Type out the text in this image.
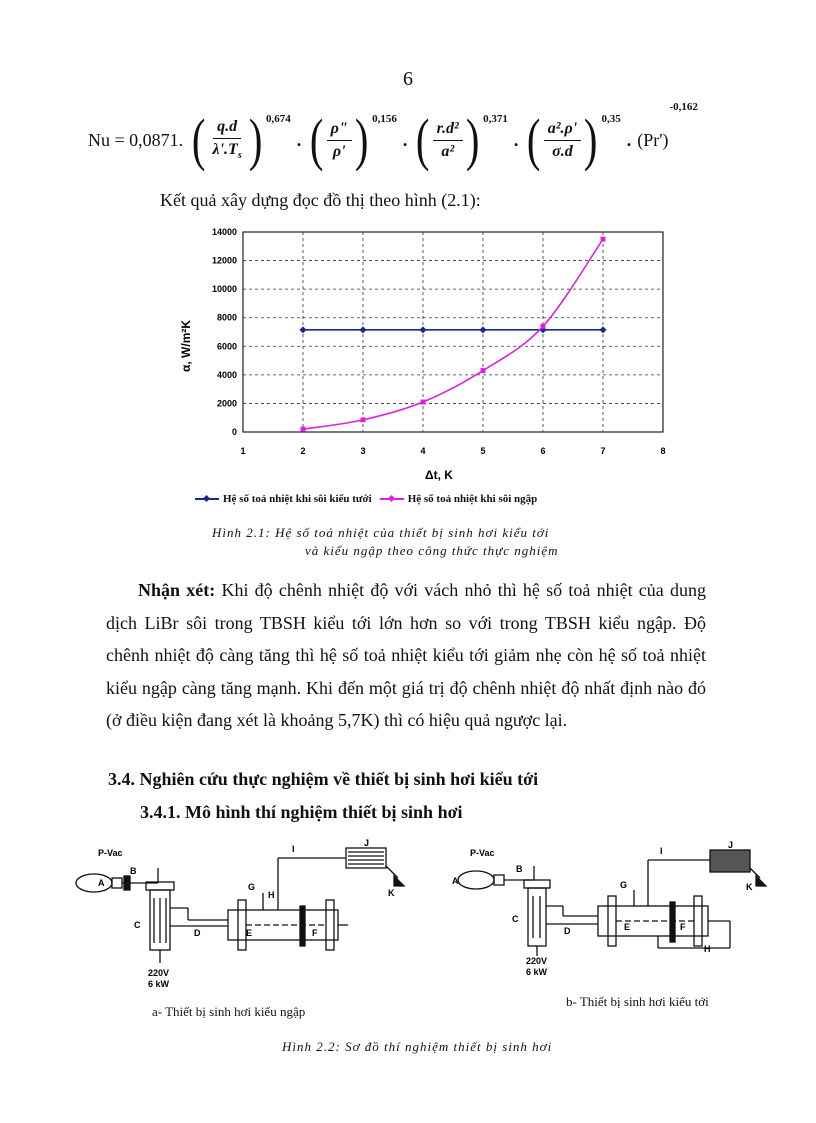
6
Nu = 0,0871. ( $\frac{q.d}{\lambda'.T_s}$ ) 0,674
. ( $\frac{\rho"}{\rho'}$ ) 0,156
. ( $\frac{\text{r.d²}}{\text{a²}}$ ) 0,371
. ( $\frac{\text{a².ρ'}}{\sigma.d}$ ) 0,35
. (Pr')
-0,162
Kết quả xây dựng đọc đồ thị theo hình (2.1):
0
2000
4000
6000
8000
10000
12000
14000
1	2	3	4	5	6	7	8
α, W/m²K
Δt, K
Hệ số toả nhiệt khi sôi kiểu tưới	Hệ số toả nhiệt khi sôi ngập
Hình 2.1: Hệ số toả nhiệt của thiết bị sinh hơi kiểu tới
và kiểu ngập theo công thức thực nghiệm
Nhận xét: Khi độ chênh nhiệt độ với vách nhỏ thì hệ số toả nhiệt của dung dịch LiBr sôi trong TBSH kiểu tới lớn hơn so với trong TBSH kiểu ngập. Độ chênh nhiệt độ càng tăng thì hệ số toả nhiệt kiểu tới giảm nhẹ còn hệ số toả nhiệt kiểu ngập càng tăng mạnh. Khi đến một giá trị độ chênh nhiệt độ nhất định nào đó (ở điều kiện đang xét là khoảng 5,7K) thì có hiệu quả ngược lại.
3.4. Nghiên cứu thực nghiệm về thiết bị sinh hơi kiểu tới
3.4.1. Mô hình thí nghiệm thiết bị sinh hơi
P-Vac
A
B
C
D	E	F
G
H
I
J
K
220V
6 kW
P-Vac
A
B
C
D	E	F
G
H
I
J
K
220V
6 kW
a- Thiết bị sinh hơi kiểu ngập
b- Thiết bị sinh hơi kiểu tới
Hình 2.2: Sơ đồ thí nghiệm thiết bị sinh hơi
